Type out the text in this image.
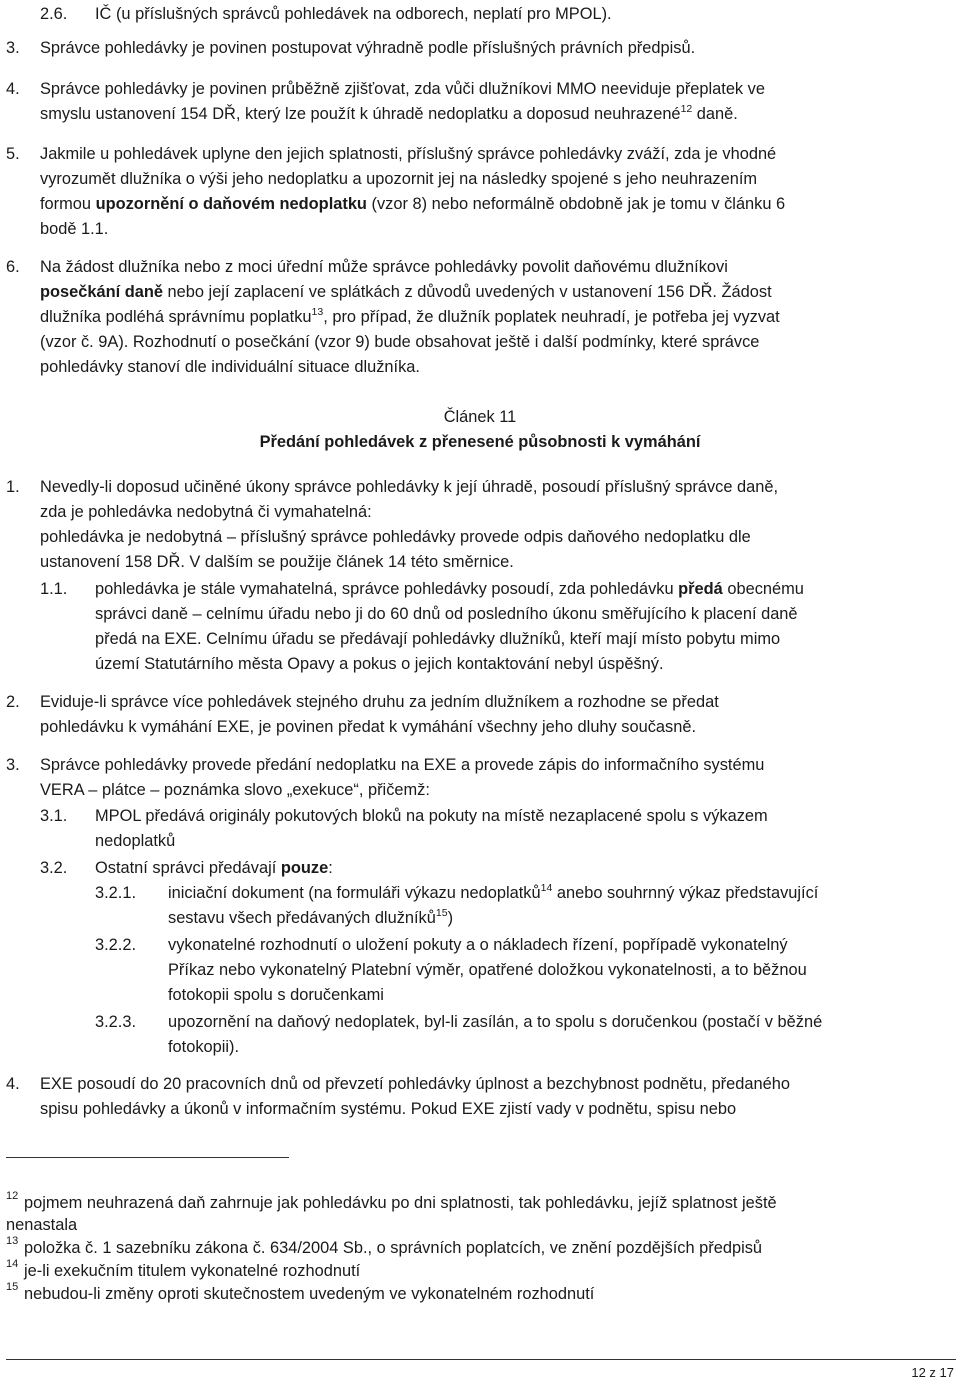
2.6. IČ (u příslušných správců pohledávek na odborech, neplatí pro MPOL).
3. Správce pohledávky je povinen postupovat výhradně podle příslušných právních předpisů.
4. Správce pohledávky je povinen průběžně zjišťovat, zda vůči dlužníkovi MMO neeviduje přeplatek ve
smyslu ustanovení 154 DŘ, který lze použít k úhradě nedoplatku a doposud neuhrazené$^{12}$ daně.
5. Jakmile u pohledávek uplyne den jejich splatnosti, příslušný správce pohledávky zváží, zda je vhodné
vyrozumět dlužníka o výši jeho nedoplatku a upozornit jej na následky spojené s jeho neuhrazením
formou upozornění o daňovém nedoplatku (vzor 8) nebo neformálně obdobně jak je tomu v článku 6
bodě 1.1.
6. Na žádost dlužníka nebo z moci úřední může správce pohledávky povolit daňovému dlužníkovi
posečkání daně nebo její zaplacení ve splátkách z důvodů uvedených v ustanovení 156 DŘ. Žádost
dlužníka podléhá správnímu poplatku$^{13}$, pro případ, že dlužník poplatek neuhradí, je potřeba jej vyzvat
(vzor č. 9A). Rozhodnutí o posečkání (vzor 9) bude obsahovat ještě i další podmínky, které správce
pohledávky stanoví dle individuální situace dlužníka.
Článek 11
Předání pohledávek z přenesené působnosti k vymáhání
1. Nevedly-li doposud učiněné úkony správce pohledávky k její úhradě, posoudí příslušný správce daně,
zda je pohledávka nedobytná či vymahatelná:
pohledávka je nedobytná – příslušný správce pohledávky provede odpis daňového nedoplatku dle
ustanovení 158 DŘ. V dalším se použije článek 14 této směrnice.
1.1. pohledávka je stále vymahatelná, správce pohledávky posoudí, zda pohledávku předá obecnému
správci daně – celnímu úřadu nebo ji do 60 dnů od posledního úkonu směřujícího k placení daně
předá na EXE. Celnímu úřadu se předávají pohledávky dlužníků, kteří mají místo pobytu mimo
území Statutárního města Opavy a pokus o jejich kontaktování nebyl úspěšný.
2. Eviduje-li správce více pohledávek stejného druhu za jedním dlužníkem a rozhodne se předat
pohledávku k vymáhání EXE, je povinen předat k vymáhání všechny jeho dluhy současně.
3. Správce pohledávky provede předání nedoplatku na EXE a provede zápis do informačního systému
VERA – plátce – poznámka slovo „exekuce“, přičemž:
3.1. MPOL předává originály pokutových bloků na pokuty na místě nezaplacené spolu s výkazem
nedoplatků
3.2. Ostatní správci předávají pouze:
3.2.1. iniciační dokument (na formuláři výkazu nedoplatků$^{14}$ anebo souhrnný výkaz představující
sestavu všech předávaných dlužníků$^{15}$)
3.2.2. vykonatelné rozhodnutí o uložení pokuty a o nákladech řízení, popřípadě vykonatelný
Příkaz nebo vykonatelný Platební výměr, opatřené doložkou vykonatelnosti, a to běžnou
fotokopii spolu s doručenkami
3.2.3. upozornění na daňový nedoplatek, byl-li zasílán, a to spolu s doručenkou (postačí v běžné
fotokopii).
4. EXE posoudí do 20 pracovních dnů od převzetí pohledávky úplnost a bezchybnost podnětu, předaného
spisu pohledávky a úkonů v informačním systému. Pokud EXE zjistí vady v podnětu, spisu nebo
12 pojmem neuhrazená daň zahrnuje jak pohledávku po dni splatnosti, tak pohledávku, jejíž splatnost ještě
nenastala
13 položka č. 1 sazebníku zákona č. 634/2004 Sb., o správních poplatcích, ve znění pozdějších předpisů
14 je-li exekučním titulem vykonatelné rozhodnutí
15 nebudou-li změny oproti skutečnostem uvedeným ve vykonatelném rozhodnutí
12 z 17
